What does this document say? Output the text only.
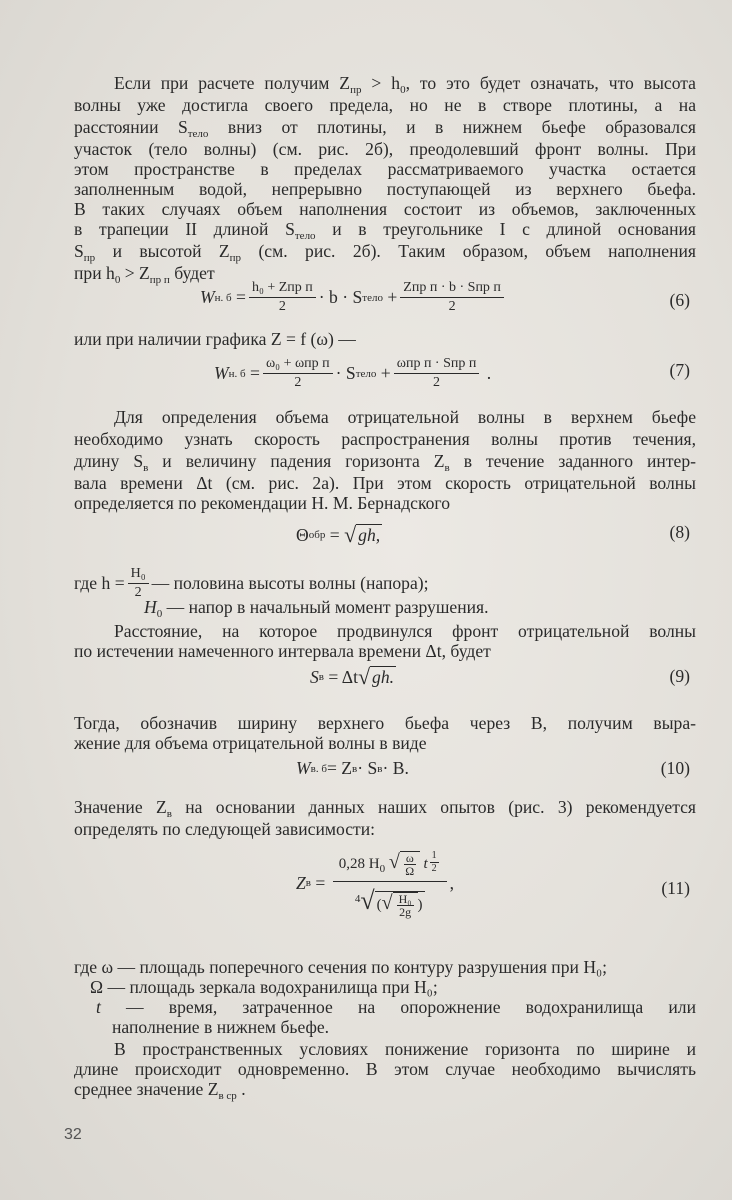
Если при расчете получим $Z_{пр} > h_0$, то это будет означать, что высота
волны уже достигла своего предела, но не в створе плотины, а на
расстоянии $S_{тело}$ вниз от плотины, и в нижнем бьефе образовался
участок (тело волны) (см. рис. 2б), преодолевший фронт волны. При
этом пространстве в пределах рассматриваемого участка остается
заполненным водой, непрерывно поступающей из верхнего бьефа.
В таких случаях объем наполнения состоит из объемов, заключенных
в трапеции II длиной $S_{тело}$ и в треугольнике I с длиной основания
$S_{пр}$ и высотой $Z_{пр}$ (см. рис. 2б). Таким образом, объем наполнения
при $h_0 > Z_{пр п}$ будет
W н. $б = \frac{\text{h₀ + Zпр п}}{2} \cdot b \cdot S$ тело + $\frac{\text{Zпр п · b · Sпр п}}{2}$	(6)
или при наличии графика Z = f (ω) —
W н. $б = \frac{\text{ω₀ + ωпр п}}{2} \cdot S$ тело + $\frac{\text{ωпр п · Sпр п}}{2}$ .	(7)
Для определения объема отрицательной волны в верхнем бьефе
необходимо узнать скорость распространения волны против течения,
длину $S_в$ и величину падения горизонта $Z_в$ в течение заданного интер-
вала времени Δt (см. рис. 2а). При этом скорость отрицательной волны
определяется по рекомендации Н. М. Бернадского
Θ обр = √ gh,	(8)
где $h = \frac{\text{H₀}}{2}$ — половина высоты волны (напора);
$H_0$ — напор в начальный момент разрушения.
Расстояние, на которое продвинулся фронт отрицательной волны
по истечении намеченного интервала времени Δt, будет
S в
= Δt √ gh.	(9)
Тогда, обозначив ширину верхнего бьефа через B, получим выра-
жение для объема отрицательной волны в виде
W в. б = Z в · S в · B.	(10)
Значение $Z_в$ на основании данных наших опытов (рис. 3) рекомендуется
определять по следующей зависимости:
Z $в = \frac{0,28 H_0 √ \frac{\omega}{\Omega} t \frac{1}{2}}{^4√ (√ \frac{\text{H₀}}{2g} )}$ ,	(11)
где ω — площадь поперечного сечения по контуру разрушения при H₀;
Ω — площадь зеркала водохранилища при H₀;
t — время, затраченное на опорожнение водохранилища или
наполнение в нижнем бьефе.
В пространственных условиях понижение горизонта по ширине и
длине происходит одновременно. В этом случае необходимо вычислять
среднее значение $Z_{в ср}$ .
32
